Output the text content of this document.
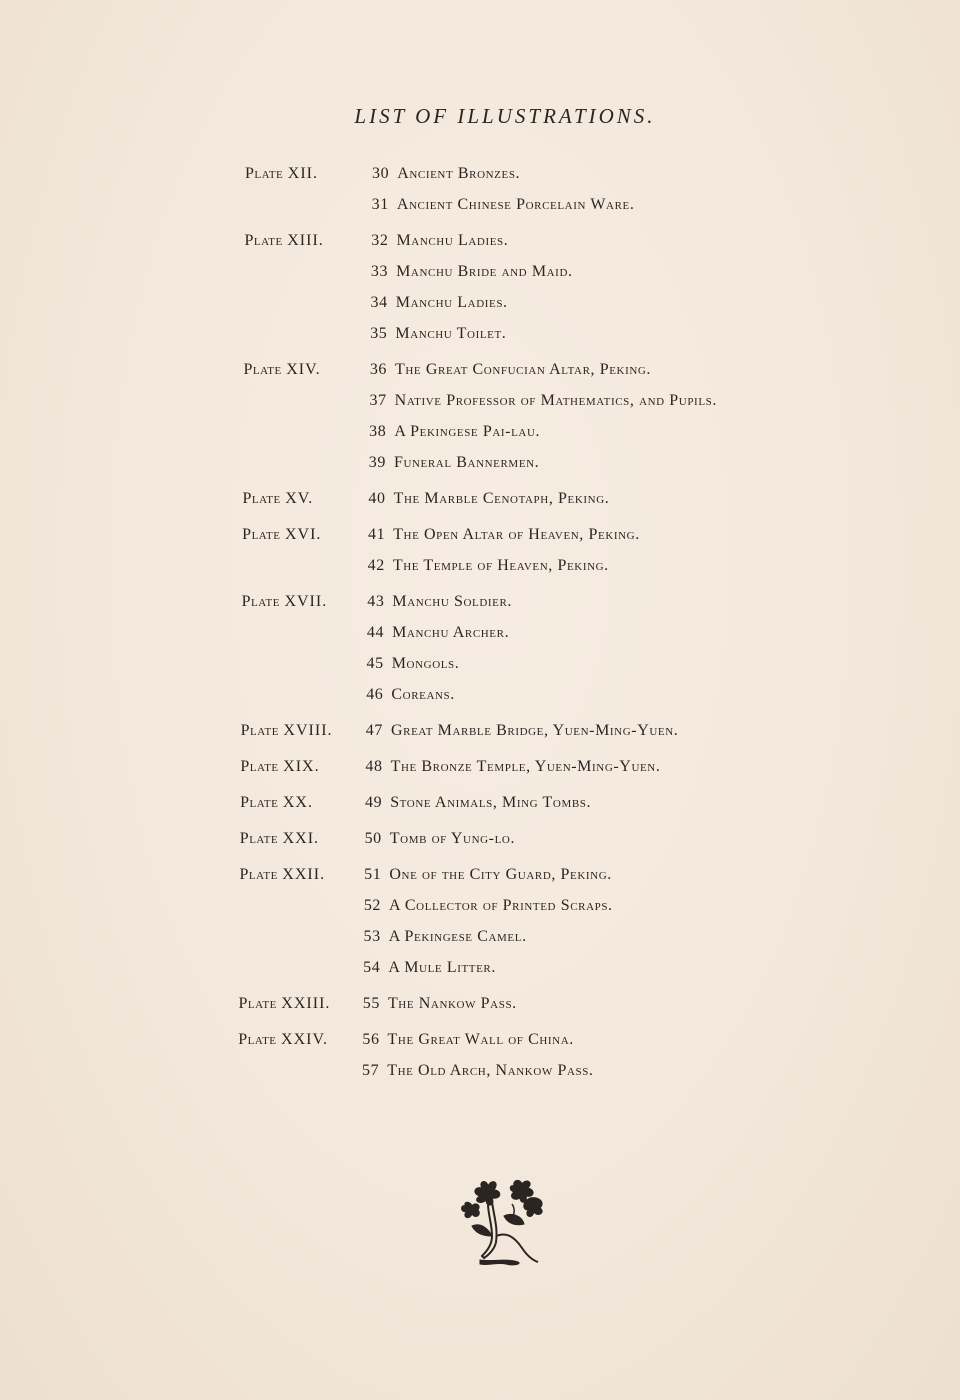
LIST OF ILLUSTRATIONS.
Plate XII.	30 Ancient Bronzes.
31 Ancient Chinese Porcelain Ware.
Plate XIII.	32 Manchu Ladies.
33 Manchu Bride and Maid.
34 Manchu Ladies.
35 Manchu Toilet.
Plate XIV.	36 The Great Confucian Altar, Peking.
37 Native Professor of Mathematics, and Pupils.
38 A Pekingese Pai-lau.
39 Funeral Bannermen.
Plate XV.	40 The Marble Cenotaph, Peking.
Plate XVI.	41 The Open Altar of Heaven, Peking.
42 The Temple of Heaven, Peking.
Plate XVII.	43 Manchu Soldier.
44 Manchu Archer.
45 Mongols.
46 Coreans.
Plate XVIII. 47 Great Marble Bridge, Yuen-Ming-Yuen.
Plate XIX.	48 The Bronze Temple, Yuen-Ming-Yuen.
Plate XX.	49 Stone Animals, Ming Tombs.
Plate XXI.	50 Tomb of Yung-lo.
Plate XXII. 51 One of the City Guard, Peking.
52 A Collector of Printed Scraps.
53 A Pekingese Camel.
54 A Mule Litter.
Plate XXIII. 55 The Nankow Pass.
Plate XXIV. 56 The Great Wall of China.
57 The Old Arch, Nankow Pass.
